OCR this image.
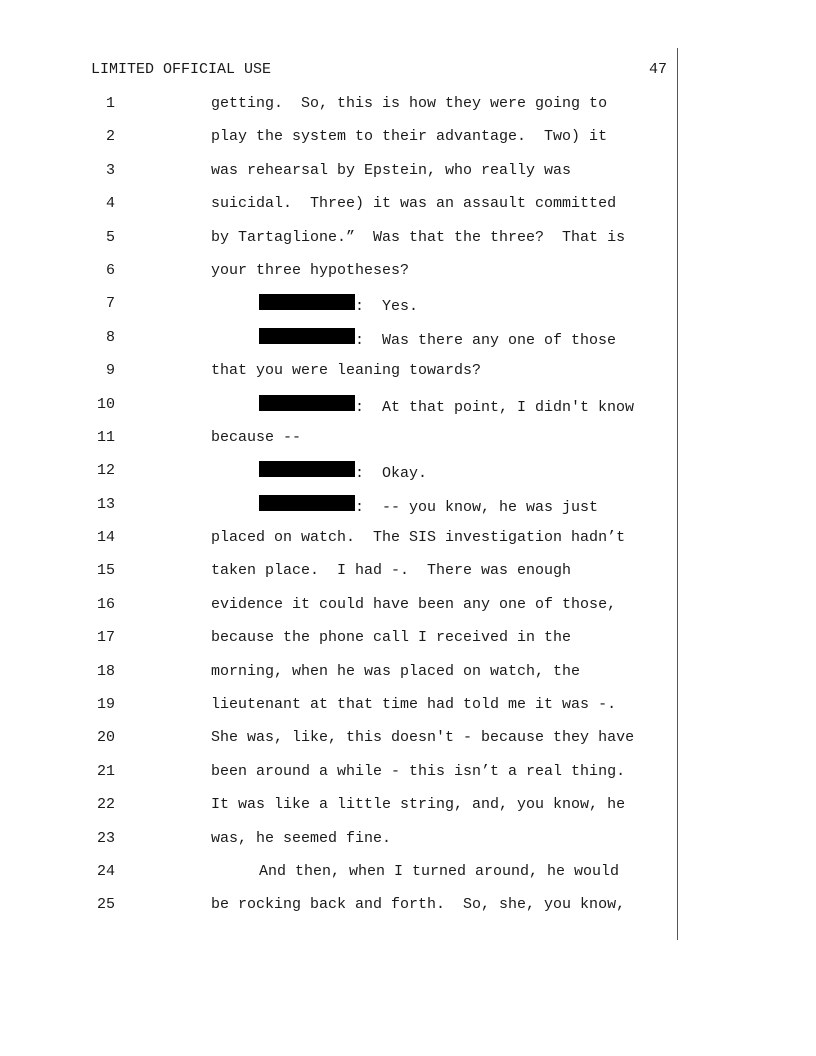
LIMITED OFFICIAL USE	47
1	getting.  So, this is how they were going to
2	play the system to their advantage.  Two) it
3	was rehearsal by Epstein, who really was
4	suicidal.  Three) it was an assault committed
5	by Tartaglione.”  Was that the three?  That is
6	your three hypotheses?
7	:  Yes.
8	:  Was there any one of those
9	that you were leaning towards?
10	:  At that point, I didn't know
11	because --
12	:  Okay.
13	:  -- you know, he was just
14	placed on watch.  The SIS investigation hadn’t
15	taken place.  I had -.  There was enough
16	evidence it could have been any one of those,
17	because the phone call I received in the
18	morning, when he was placed on watch, the
19	lieutenant at that time had told me it was -.
20	She was, like, this doesn't - because they have
21	been around a while - this isn’t a real thing.
22	It was like a little string, and, you know, he
23	was, he seemed fine.
24	And then, when I turned around, he would
25	be rocking back and forth.  So, she, you know,
